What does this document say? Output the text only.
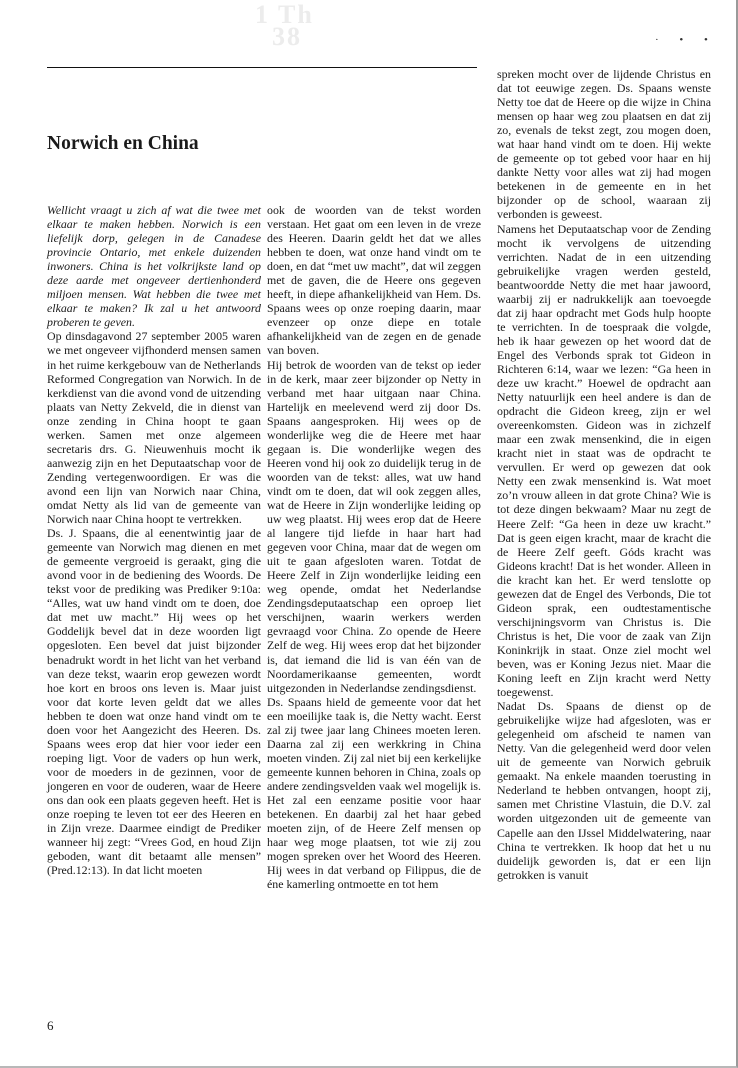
1 Th
38	· • •
Norwich en China

Wellicht vraagt u zich af wat die twee met elkaar te maken hebben. Norwich is een liefelijk dorp, gelegen in de Canadese provincie Ontario, met enkele duizenden inwoners. China is het volkrijkste land op deze aarde met ongeveer dertienhonderd miljoen mensen. Wat hebben die twee met elkaar te maken? Ik zal u het antwoord proberen te geven.

Op dinsdagavond 27 september 2005 waren we met ongeveer vijfhonderd mensen samen in het ruime kerkgebouw van de Netherlands Reformed Congregation van Norwich. In de kerkdienst van die avond vond de uitzending plaats van Netty Zekveld, die in dienst van onze zending in China hoopt te gaan werken. Samen met onze algemeen secretaris drs. G. Nieuwenhuis mocht ik aanwezig zijn en het Deputaatschap voor de Zending vertegenwoordigen. Er was die avond een lijn van Norwich naar China, omdat Netty als lid van de gemeente van Norwich naar China hoopt te vertrekken.

Ds. J. Spaans, die al eenentwintig jaar de gemeente van Norwich mag dienen en met de gemeente vergroeid is geraakt, ging die avond voor in de bediening des Woords. De tekst voor de prediking was Prediker 9:10a: “Alles, wat uw hand vindt om te doen, doe dat met uw macht.” Hij wees op het Goddelijk bevel dat in deze woorden ligt opgesloten. Een bevel dat juist bijzonder benadrukt wordt in het licht van het verband van deze tekst, waarin erop gewezen wordt hoe kort en broos ons leven is. Maar juist voor dat korte leven geldt dat we alles hebben te doen wat onze hand vindt om te doen voor het Aangezicht des Heeren. Ds. Spaans wees erop dat hier voor ieder een roeping ligt. Voor de vaders op hun werk, voor de moeders in de gezinnen, voor de jongeren en voor de ouderen, waar de Heere ons dan ook een plaats gegeven heeft. Het is onze roeping te leven tot eer des Heeren en in Zijn vreze. Daarmee eindigt de Prediker wanneer hij zegt: “Vrees God, en houd Zijn geboden, want dit betaamt alle mensen” (Pred.12:13). In dat licht moeten

ook de woorden van de tekst worden verstaan. Het gaat om een leven in de vreze des Heeren. Daarin geldt het dat we alles hebben te doen, wat onze hand vindt om te doen, en dat “met uw macht”, dat wil zeggen met de gaven, die de Heere ons gegeven heeft, in diepe afhankelijkheid van Hem. Ds. Spaans wees op onze roeping daarin, maar evenzeer op onze diepe en totale afhankelijkheid van de zegen en de genade van boven.

Hij betrok de woorden van de tekst op ieder in de kerk, maar zeer bijzonder op Netty in verband met haar uitgaan naar China. Hartelijk en meelevend werd zij door Ds. Spaans aangesproken. Hij wees op de wonderlijke weg die de Heere met haar gegaan is. Die wonderlijke wegen des Heeren vond hij ook zo duidelijk terug in de woorden van de tekst: alles, wat uw hand vindt om te doen, dat wil ook zeggen alles, wat de Heere in Zijn wonderlijke leiding op uw weg plaatst. Hij wees erop dat de Heere al langere tijd liefde in haar hart had gegeven voor China, maar dat de wegen om uit te gaan afgesloten waren. Totdat de Heere Zelf in Zijn wonderlijke leiding een weg opende, omdat het Nederlandse Zendingsdeputaatschap een oproep liet verschijnen, waarin werkers werden gevraagd voor China. Zo opende de Heere Zelf de weg. Hij wees erop dat het bijzonder is, dat iemand die lid is van één van de Noordamerikaanse gemeenten, wordt uitgezonden in Nederlandse zendingsdienst.

Ds. Spaans hield de gemeente voor dat het een moeilijke taak is, die Netty wacht. Eerst zal zij twee jaar lang Chinees moeten leren. Daarna zal zij een werkkring in China moeten vinden. Zij zal niet bij een kerkelijke gemeente kunnen behoren in China, zoals op andere zendingsvelden vaak wel mogelijk is. Het zal een eenzame positie voor haar betekenen. En daarbij zal het haar gebed moeten zijn, of de Heere Zelf mensen op haar weg moge plaatsen, tot wie zij zou mogen spreken over het Woord des Heeren. Hij wees in dat verband op Filippus, die de éne kamerling ontmoette en tot hem

spreken mocht over de lijdende Christus en dat tot eeuwige zegen. Ds. Spaans wenste Netty toe dat de Heere op die wijze in China mensen op haar weg zou plaatsen en dat zij zo, evenals de tekst zegt, zou mogen doen, wat haar hand vindt om te doen. Hij wekte de gemeente op tot gebed voor haar en hij dankte Netty voor alles wat zij had mogen betekenen in de gemeente en in het bijzonder op de school, waaraan zij verbonden is geweest.

Namens het Deputaatschap voor de Zending mocht ik vervolgens de uitzending verrichten. Nadat de in een uitzending gebruikelijke vragen werden gesteld, beantwoordde Netty die met haar jawoord, waarbij zij er nadrukkelijk aan toevoegde dat zij haar opdracht met Gods hulp hoopte te verrichten. In de toespraak die volgde, heb ik haar gewezen op het woord dat de Engel des Verbonds sprak tot Gideon in Richteren 6:14, waar we lezen: “Ga heen in deze uw kracht.” Hoewel de opdracht aan Netty natuurlijk een heel andere is dan de opdracht die Gideon kreeg, zijn er wel overeenkomsten. Gideon was in zichzelf maar een zwak mensenkind, die in eigen kracht niet in staat was de opdracht te vervullen. Er werd op gewezen dat ook Netty een zwak mensenkind is. Wat moet zo’n vrouw alleen in dat grote China? Wie is tot deze dingen bekwaam? Maar nu zegt de Heere Zelf: “Ga heen in deze uw kracht.” Dat is geen eigen kracht, maar de kracht die de Heere Zelf geeft. Góds kracht was Gideons kracht! Dat is het wonder. Alleen in die kracht kan het. Er werd tenslotte op gewezen dat de Engel des Verbonds, Die tot Gideon sprak, een oudtestamentische verschijningsvorm van Christus is. Die Christus is het, Die voor de zaak van Zijn Koninkrijk in staat. Onze ziel mocht wel beven, was er Koning Jezus niet. Maar die Koning leeft en Zijn kracht werd Netty toegewenst.

Nadat Ds. Spaans de dienst op de gebruikelijke wijze had afgesloten, was er gelegenheid om afscheid te namen van Netty. Van die gelegenheid werd door velen uit de gemeente van Norwich gebruik gemaakt. Na enkele maanden toerusting in Nederland te hebben ontvangen, hoopt zij, samen met Christine Vlastuin, die D.V. zal worden uitgezonden uit de gemeente van Capelle aan den IJssel Middelwatering, naar China te vertrekken. Ik hoop dat het u nu duidelijk geworden is, dat er een lijn getrokken is vanuit

6
